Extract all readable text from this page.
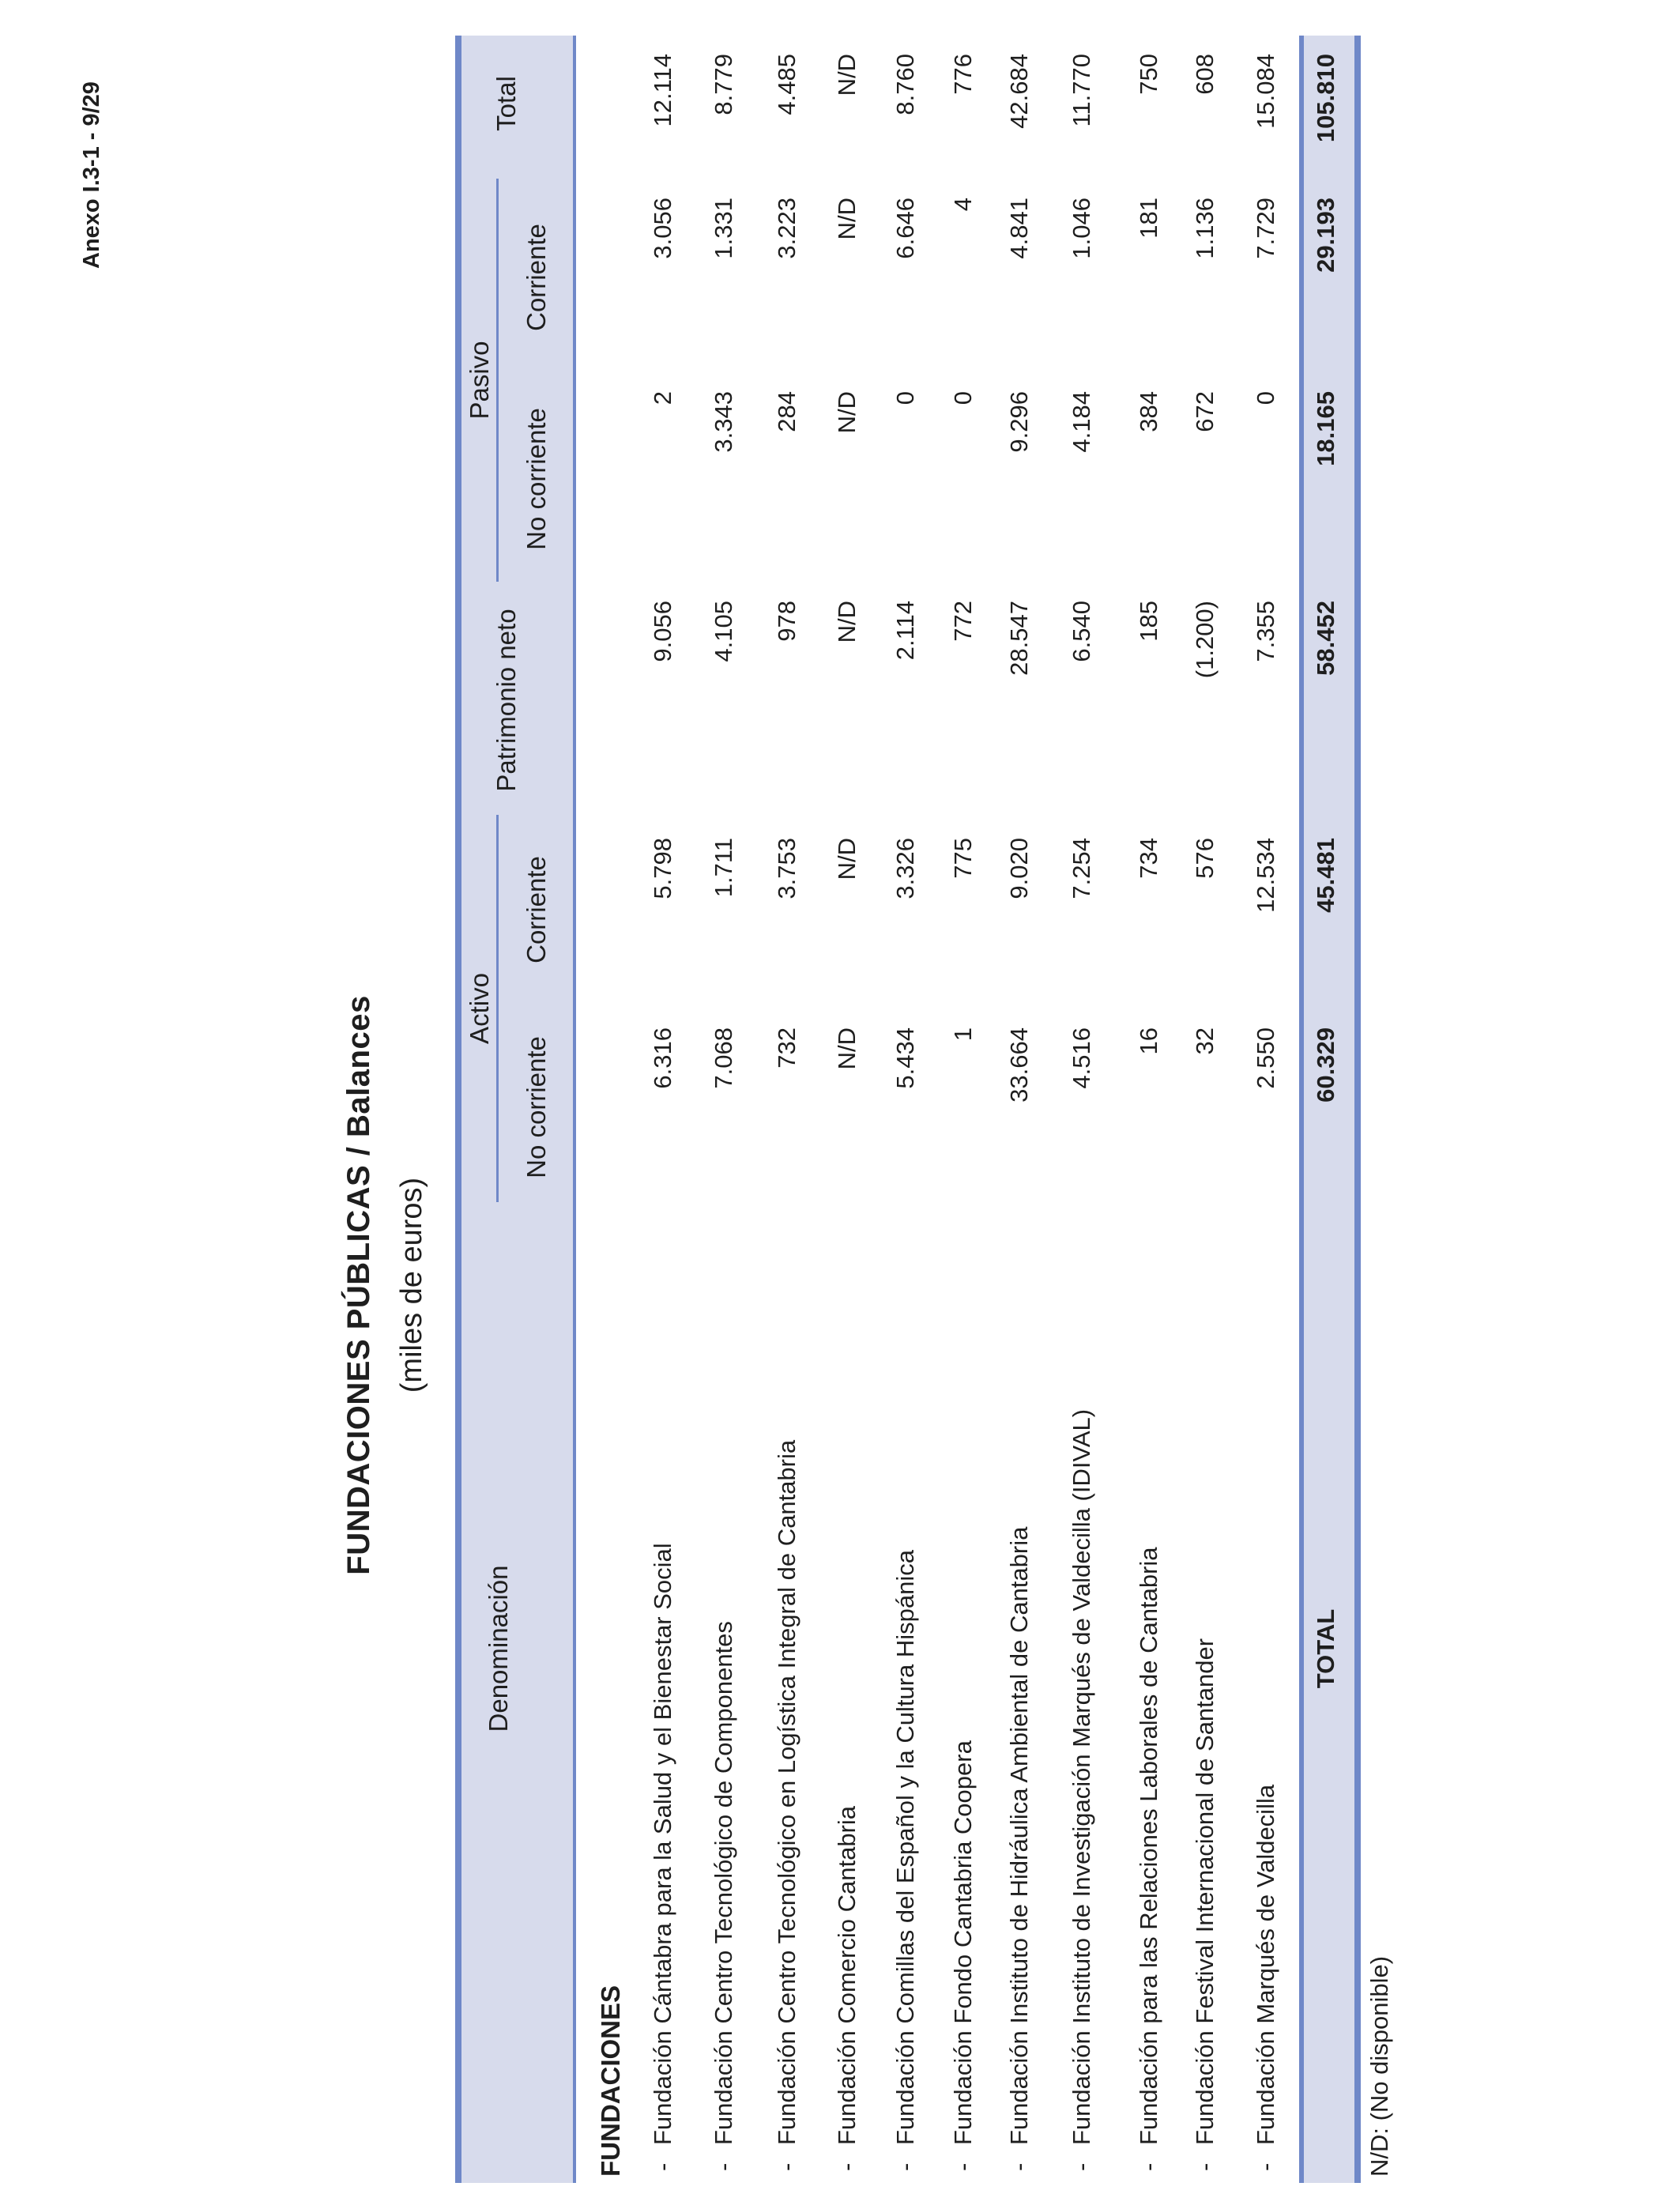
Anexo I.3-1 - 9/29
FUNDACIONES PÚBLICAS / Balances (miles de euros)
Denominación
Activo
Pasivo
No corriente
Corriente
Patrimonio neto
No corriente
Corriente
Total
FUNDACIONES -
Fundación Cántabra para la Salud y el Bienestar Social
6.316
5.798
9.056
2
3.056
12.114
-
Fundación Centro Tecnológico de Componentes
7.068
1.711
4.105
3.343
1.331
8.779
-
Fundación Centro Tecnológico en Logística Integral de Cantabria
732
3.753
978
284
3.223
4.485
-
Fundación Comercio Cantabria
N/D
N/D
N/D
N/D
N/D
N/D
-
Fundación Comillas del Español y la Cultura Hispánica
5.434
3.326
2.114
0
6.646
8.760
-
Fundación Fondo Cantabria Coopera
1
775
772
0
4
776
-
Fundación Instituto de Hidráulica Ambiental de Cantabria
33.664
9.020
28.547
9.296
4.841
42.684
-
Fundación Instituto de Investigación Marqués de Valdecilla (IDIVAL)
4.516
7.254
6.540
4.184
1.046
11.770
-
Fundación para las Relaciones Laborales de Cantabria
16
734
185
384
181
750
-
Fundación Festival Internacional de Santander
32
576
(1.200)
672
1.136
608
-
Fundación Marqués de Valdecilla
2.550
12.534
7.355
0
7.729
15.084
TOTAL
60.329
45.481
58.452
18.165
29.193
105.810
N/D: (No disponible)
